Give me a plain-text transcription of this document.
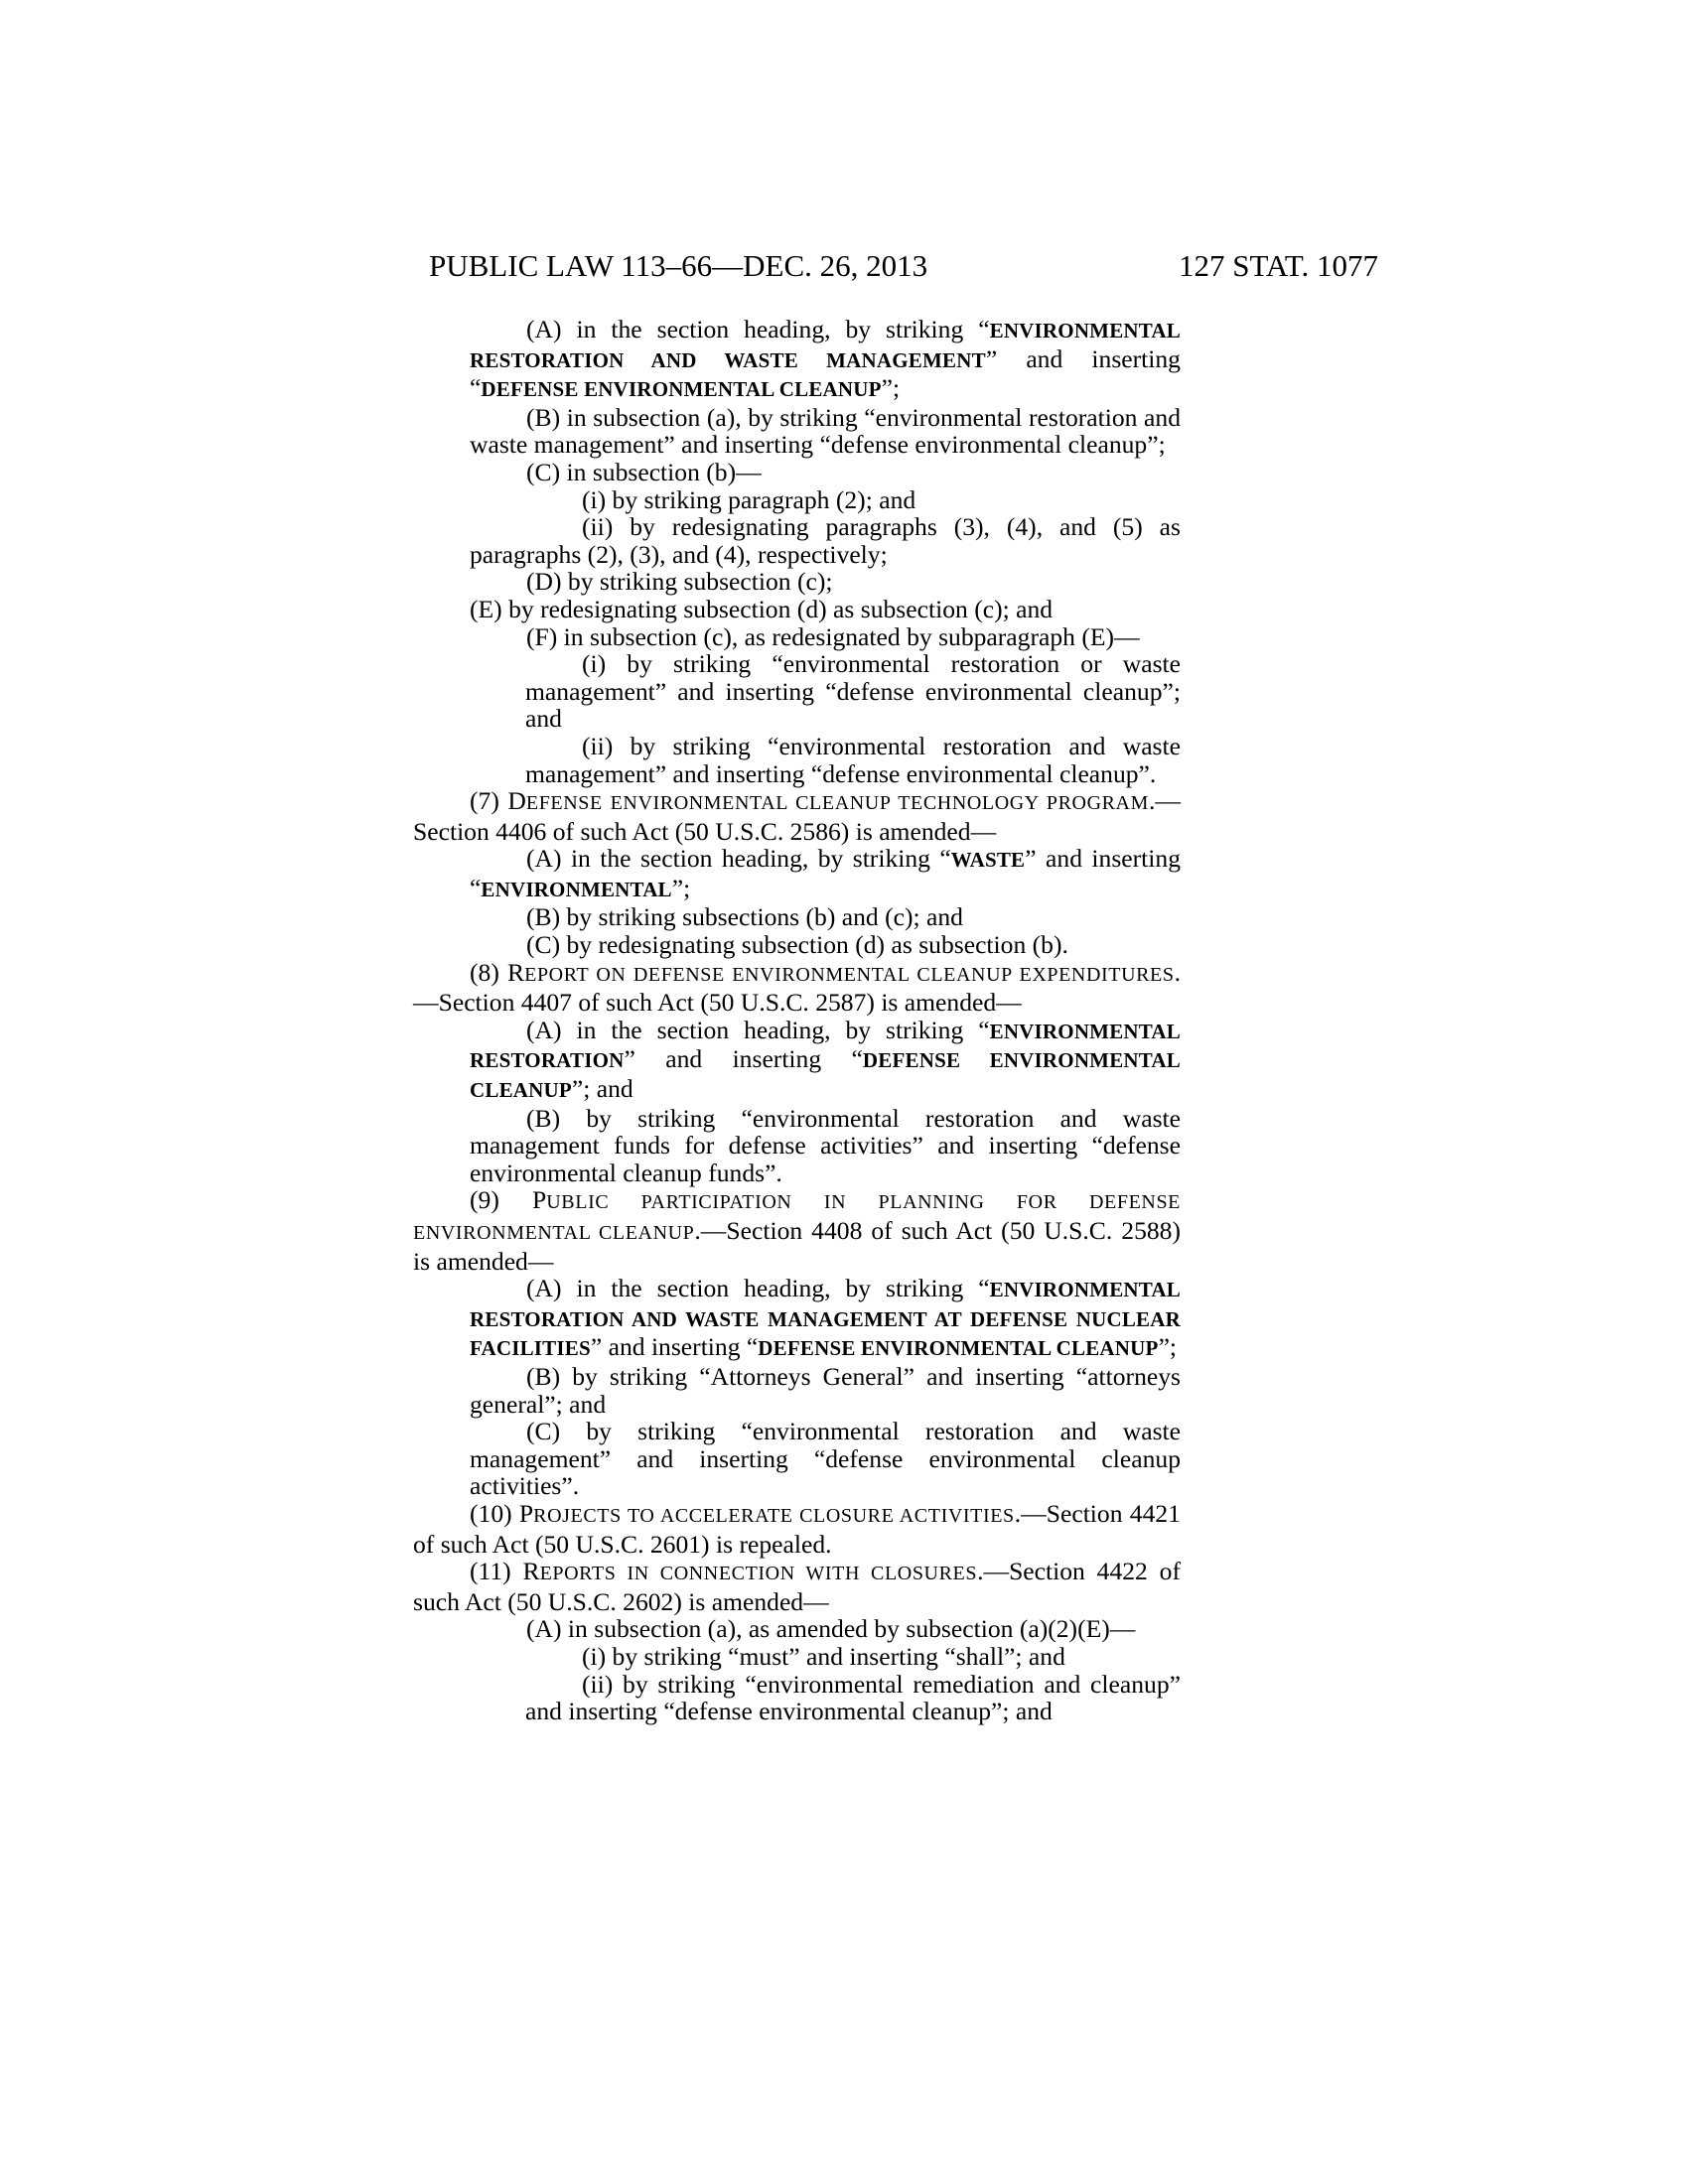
PUBLIC LAW 113–66—DEC. 26, 2013	127 STAT. 1077

(A) in the section heading, by striking “ENVIRONMENTAL RESTORATION AND WASTE MANAGEMENT” and inserting “DEFENSE ENVIRONMENTAL CLEANUP”;

(B) in subsection (a), by striking “environmental restoration and waste management” and inserting “defense environmental cleanup”;

(C) in subsection (b)—

(i) by striking paragraph (2); and

(ii) by redesignating paragraphs (3), (4), and (5) as paragraphs (2), (3), and (4), respectively;

(D) by striking subsection (c);

(E) by redesignating subsection (d) as subsection (c); and

(F) in subsection (c), as redesignated by subparagraph (E)—

(i) by striking “environmental restoration or waste management” and inserting “defense environmental cleanup”; and

(ii) by striking “environmental restoration and waste management” and inserting “defense environmental cleanup”.

(7) DEFENSE ENVIRONMENTAL CLEANUP TECHNOLOGY PROGRAM.—Section 4406 of such Act (50 U.S.C. 2586) is amended—

(A) in the section heading, by striking “WASTE” and inserting “ENVIRONMENTAL”;

(B) by striking subsections (b) and (c); and

(C) by redesignating subsection (d) as subsection (b).

(8) REPORT ON DEFENSE ENVIRONMENTAL CLEANUP EXPENDITURES.—Section 4407 of such Act (50 U.S.C. 2587) is amended—

(A) in the section heading, by striking “ENVIRONMENTAL RESTORATION” and inserting “DEFENSE ENVIRONMENTAL CLEANUP”; and

(B) by striking “environmental restoration and waste management funds for defense activities” and inserting “defense environmental cleanup funds”.

(9) PUBLIC PARTICIPATION IN PLANNING FOR DEFENSE ENVIRONMENTAL CLEANUP.—Section 4408 of such Act (50 U.S.C. 2588) is amended—

(A) in the section heading, by striking “ENVIRONMENTAL RESTORATION AND WASTE MANAGEMENT AT DEFENSE NUCLEAR FACILITIES” and inserting “DEFENSE ENVIRONMENTAL CLEANUP”;

(B) by striking “Attorneys General” and inserting “attorneys general”; and

(C) by striking “environmental restoration and waste management” and inserting “defense environmental cleanup activities”.

(10) PROJECTS TO ACCELERATE CLOSURE ACTIVITIES.—Section 4421 of such Act (50 U.S.C. 2601) is repealed.

(11) REPORTS IN CONNECTION WITH CLOSURES.—Section 4422 of such Act (50 U.S.C. 2602) is amended—

(A) in subsection (a), as amended by subsection (a)(2)(E)—

(i) by striking “must” and inserting “shall”; and

(ii) by striking “environmental remediation and cleanup” and inserting “defense environmental cleanup”; and
